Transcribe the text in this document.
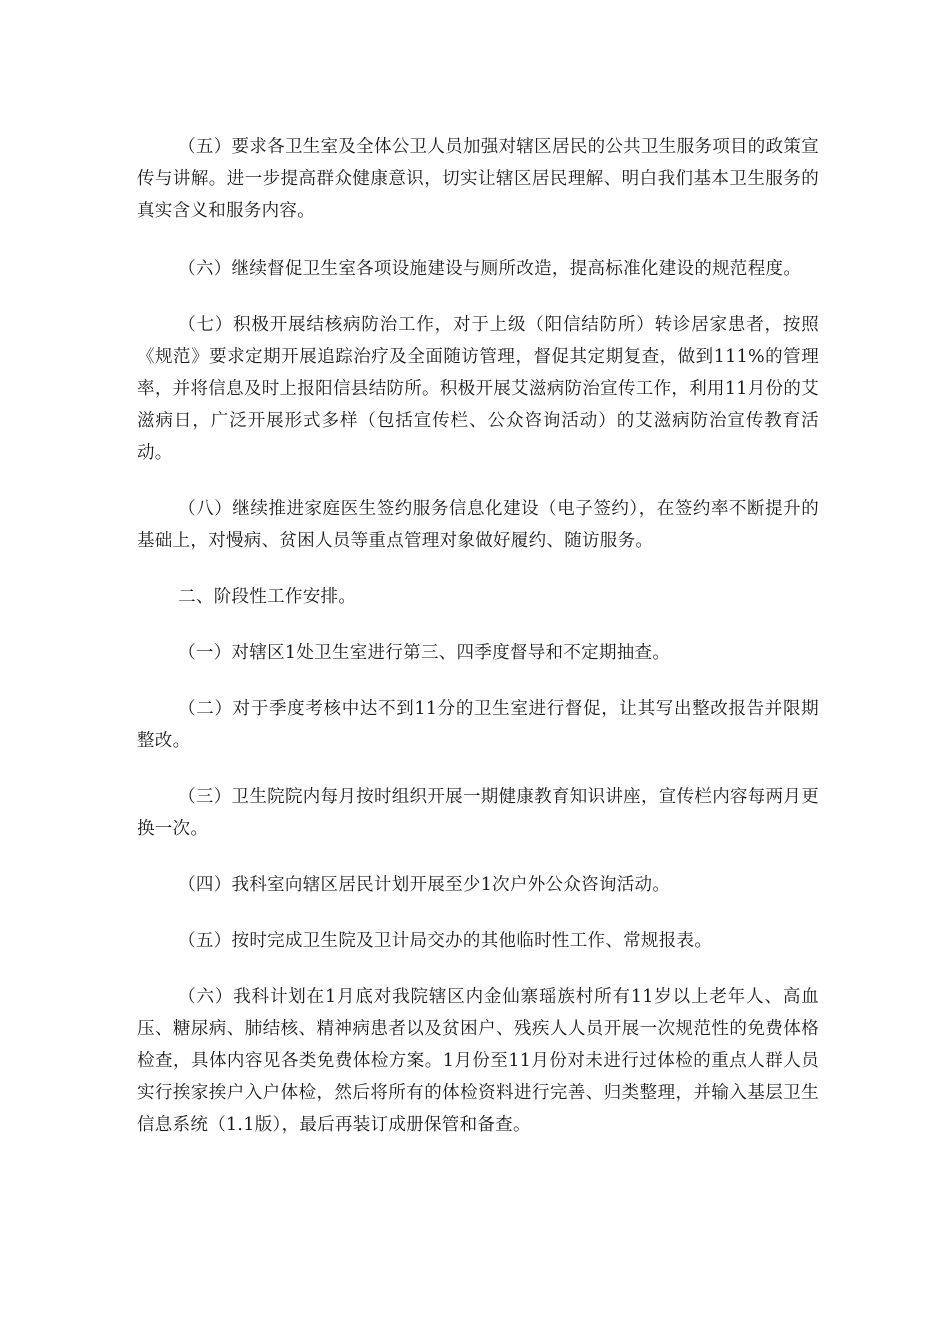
（五）要求各卫生室及全体公卫人员加强对辖区居民的公共卫生服务项目的政策宣传与讲解。进一步提高群众健康意识，切实让辖区居民理解、明白我们基本卫生服务的真实含义和服务内容。

（六）继续督促卫生室各项设施建设与厕所改造，提高标准化建设的规范程度。

（七）积极开展结核病防治工作，对于上级（阳信结防所）转诊居家患者，按照《规范》要求定期开展追踪治疗及全面随访管理，督促其定期复查，做到111%的管理率，并将信息及时上报阳信县结防所。积极开展艾滋病防治宣传工作，利用11月份的艾滋病日，广泛开展形式多样（包括宣传栏、公众咨询活动）的艾滋病防治宣传教育活动。

（八）继续推进家庭医生签约服务信息化建设（电子签约），在签约率不断提升的基础上，对慢病、贫困人员等重点管理对象做好履约、随访服务。

二、阶段性工作安排。

（一）对辖区1处卫生室进行第三、四季度督导和不定期抽查。

（二）对于季度考核中达不到11分的卫生室进行督促，让其写出整改报告并限期整改。

（三）卫生院院内每月按时组织开展一期健康教育知识讲座，宣传栏内容每两月更换一次。

（四）我科室向辖区居民计划开展至少1次户外公众咨询活动。

（五）按时完成卫生院及卫计局交办的其他临时性工作、常规报表。

（六）我科计划在1月底对我院辖区内金仙寨瑶族村所有11岁以上老年人、高血压、糖尿病、肺结核、精神病患者以及贫困户、残疾人人员开展一次规范性的免费体格检查，具体内容见各类免费体检方案。1月份至11月份对未进行过体检的重点人群人员实行挨家挨户入户体检，然后将所有的体检资料进行完善、归类整理，并输入基层卫生信息系统（1.1版），最后再装订成册保管和备查。
